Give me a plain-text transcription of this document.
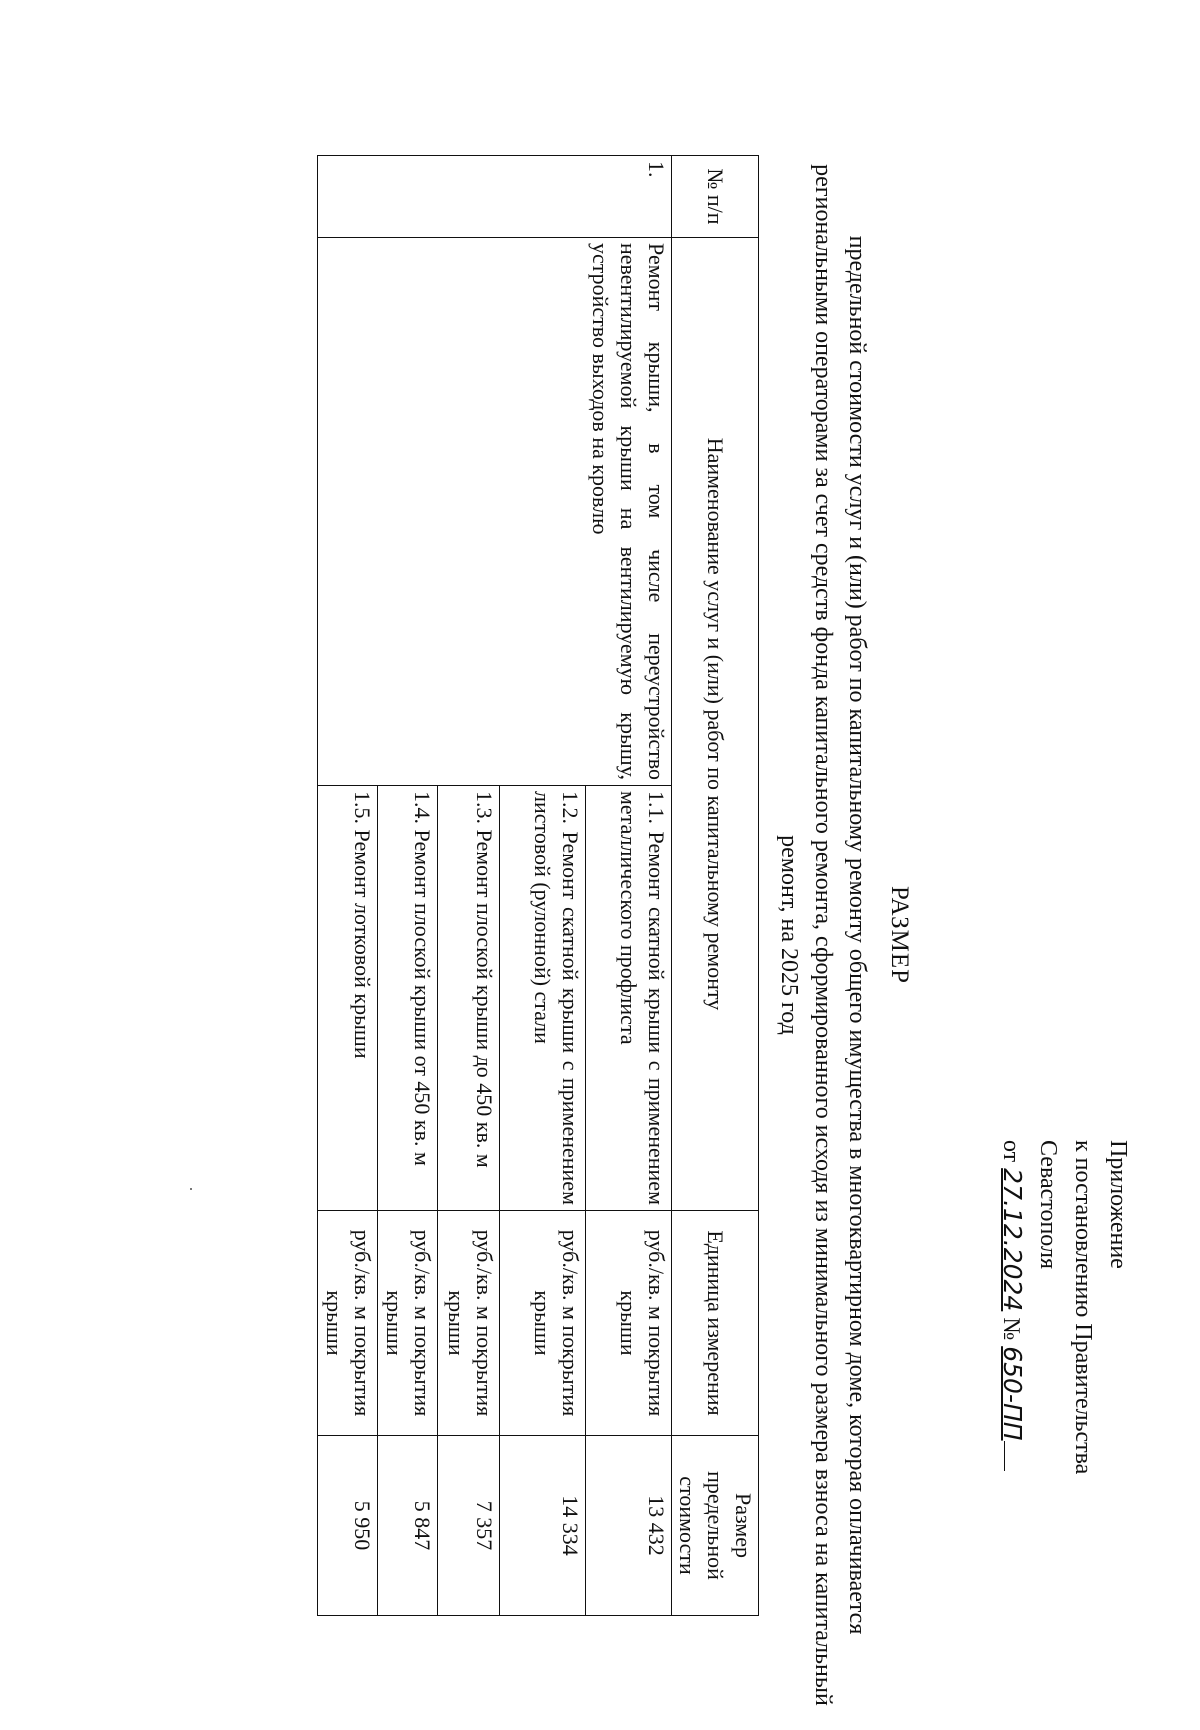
Приложение
к постановлению Правительства
Севастополя
от 27.12.2024 № 650-ПП
РАЗМЕР
предельной стоимости услуг и (или) работ по капитальному ремонту общего имущества в многоквартирном доме, которая оплачивается региональными операторами за счет средств фонда капитального ремонта, сформированного исходя из минимального размера взноса на капитальный ремонт, на 2025 год
№ п/п	Наименование услуг и (или) работ по капитальному ремонту		Единица измерения	Размер предельной стоимости
1.	Ремонт крыши, в том числе переустройство невентилируемой крыши на вентилируемую крышу, устройство выходов на кровлю	1.1. Ремонт скатной крыши с применением металлического профлиста	руб./кв. м покрытия крыши	13 432
		1.2. Ремонт скатной крыши с применением листовой (рулонной) стали	руб./кв. м покрытия крыши	14 334
		1.3. Ремонт плоской крыши до 450 кв. м	руб./кв. м покрытия крыши	7 357
		1.4. Ремонт плоской крыши от 450 кв. м	руб./кв. м покрытия крыши	5 847
		1.5. Ремонт лотковой крыши	руб./кв. м покрытия крыши	5 950
